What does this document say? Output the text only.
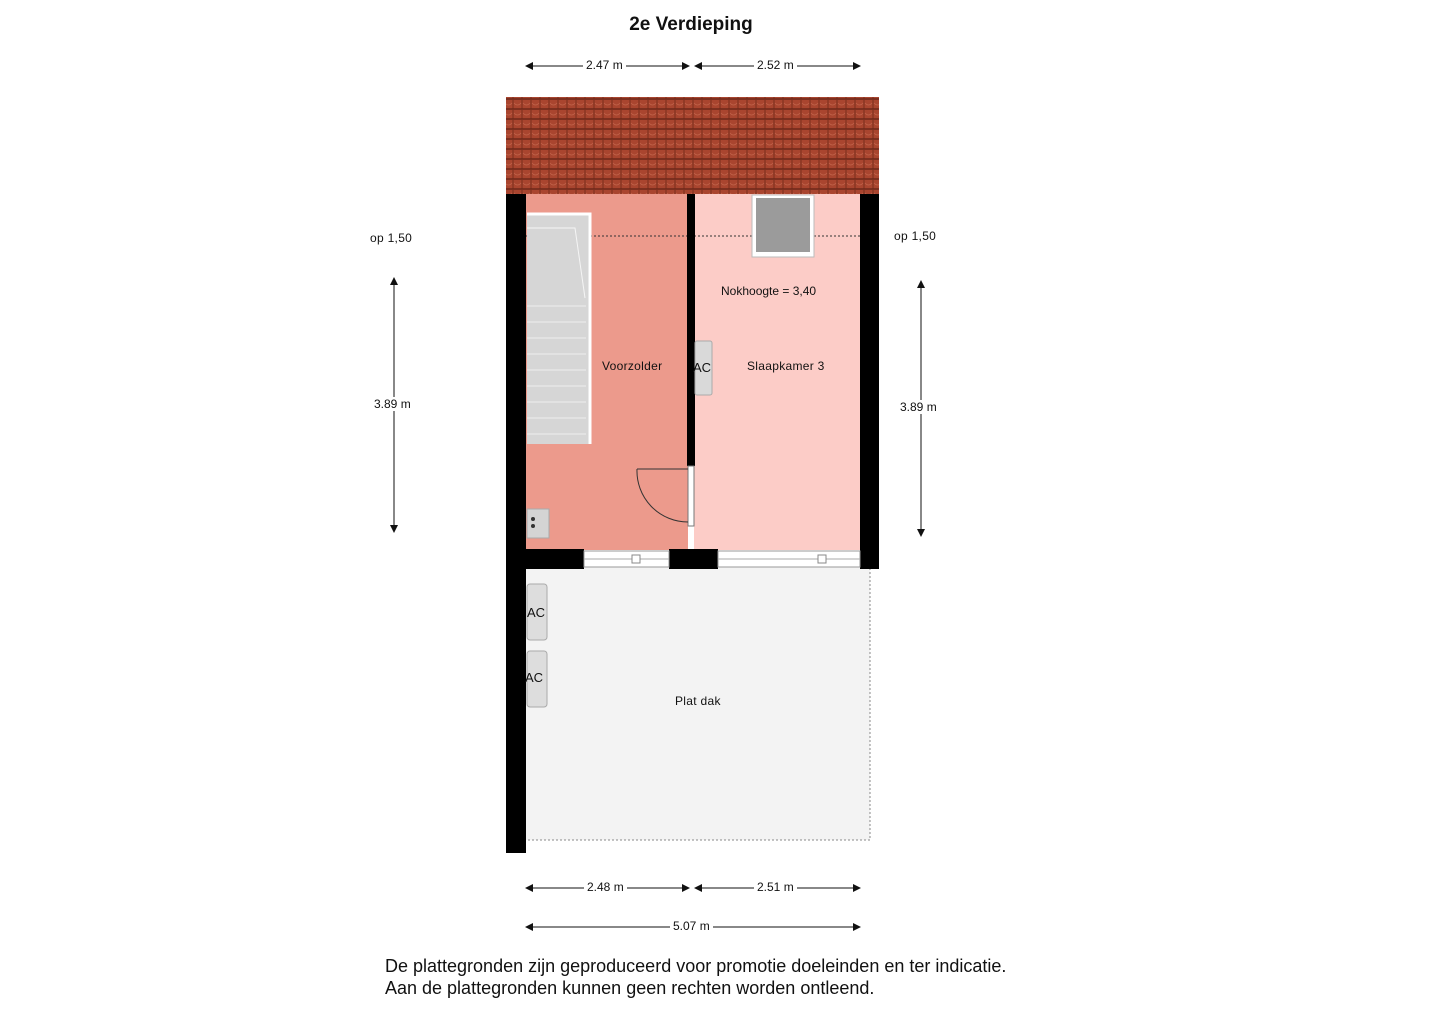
2e Verdieping
2.47 m	2.52 m
2.48 m	2.51 m
5.07 m
3.89 m	3.89 m
op 1,50	op 1,50
Voorzolder	Slaapkamer 3
Plat dak
Nokhoogte = 3,40
AC
AC
AC
De plattegronden zijn geproduceerd voor promotie doeleinden en ter indicatie.
Aan de plattegronden kunnen geen rechten worden ontleend.
